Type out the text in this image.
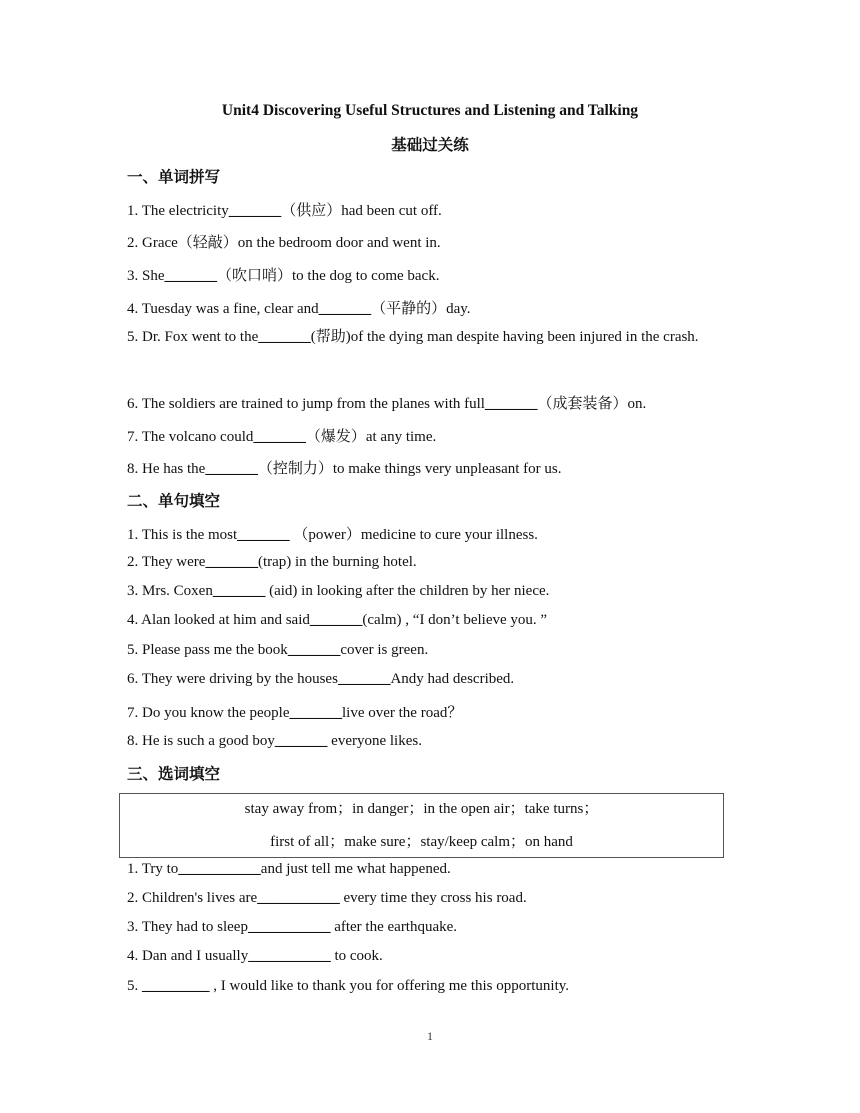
Unit4 Discovering Useful Structures and Listening and Talking
基础过关练
一、单词拼写
1. The electricity_______（供应）had been cut off.
2. Grace（轻敲）on the bedroom door and went in.
3. She_______（吹口哨）to the dog to come back.
4. Tuesday was a fine, clear and_______（平静的）day.
5. Dr. Fox went to the_______(帮助)of the dying man despite having been injured in the crash.
6. The soldiers are trained to jump from the planes with full_______（成套装备）on.
7. The volcano could_______（爆发）at any time.
8. He has the_______（控制力）to make things very unpleasant for us.
二、单句填空
1. This is the most_______ （power）medicine to cure your illness.
2. They were_______(trap) in the burning hotel.
3. Mrs. Coxen_______ (aid) in looking after the children by her niece.
4. Alan looked at him and said_______(calm) , “I don’t believe you. ”
5. Please pass me the book_______cover is green.
6. They were driving by the houses_______Andy had described.
7. Do you know the people_______live over the road？
8. He is such a good boy_______ everyone likes.
三、选词填空
stay away from；in danger；in the open air；take turns；
first of all；make sure；stay/keep calm；on hand
1. Try to___________and just tell me what happened.
2. Children's lives are___________ every time they cross his road.
3. They had to sleep___________ after the earthquake.
4. Dan and I usually___________ to cook.
5. _________ , I would like to thank you for offering me this opportunity.
1
